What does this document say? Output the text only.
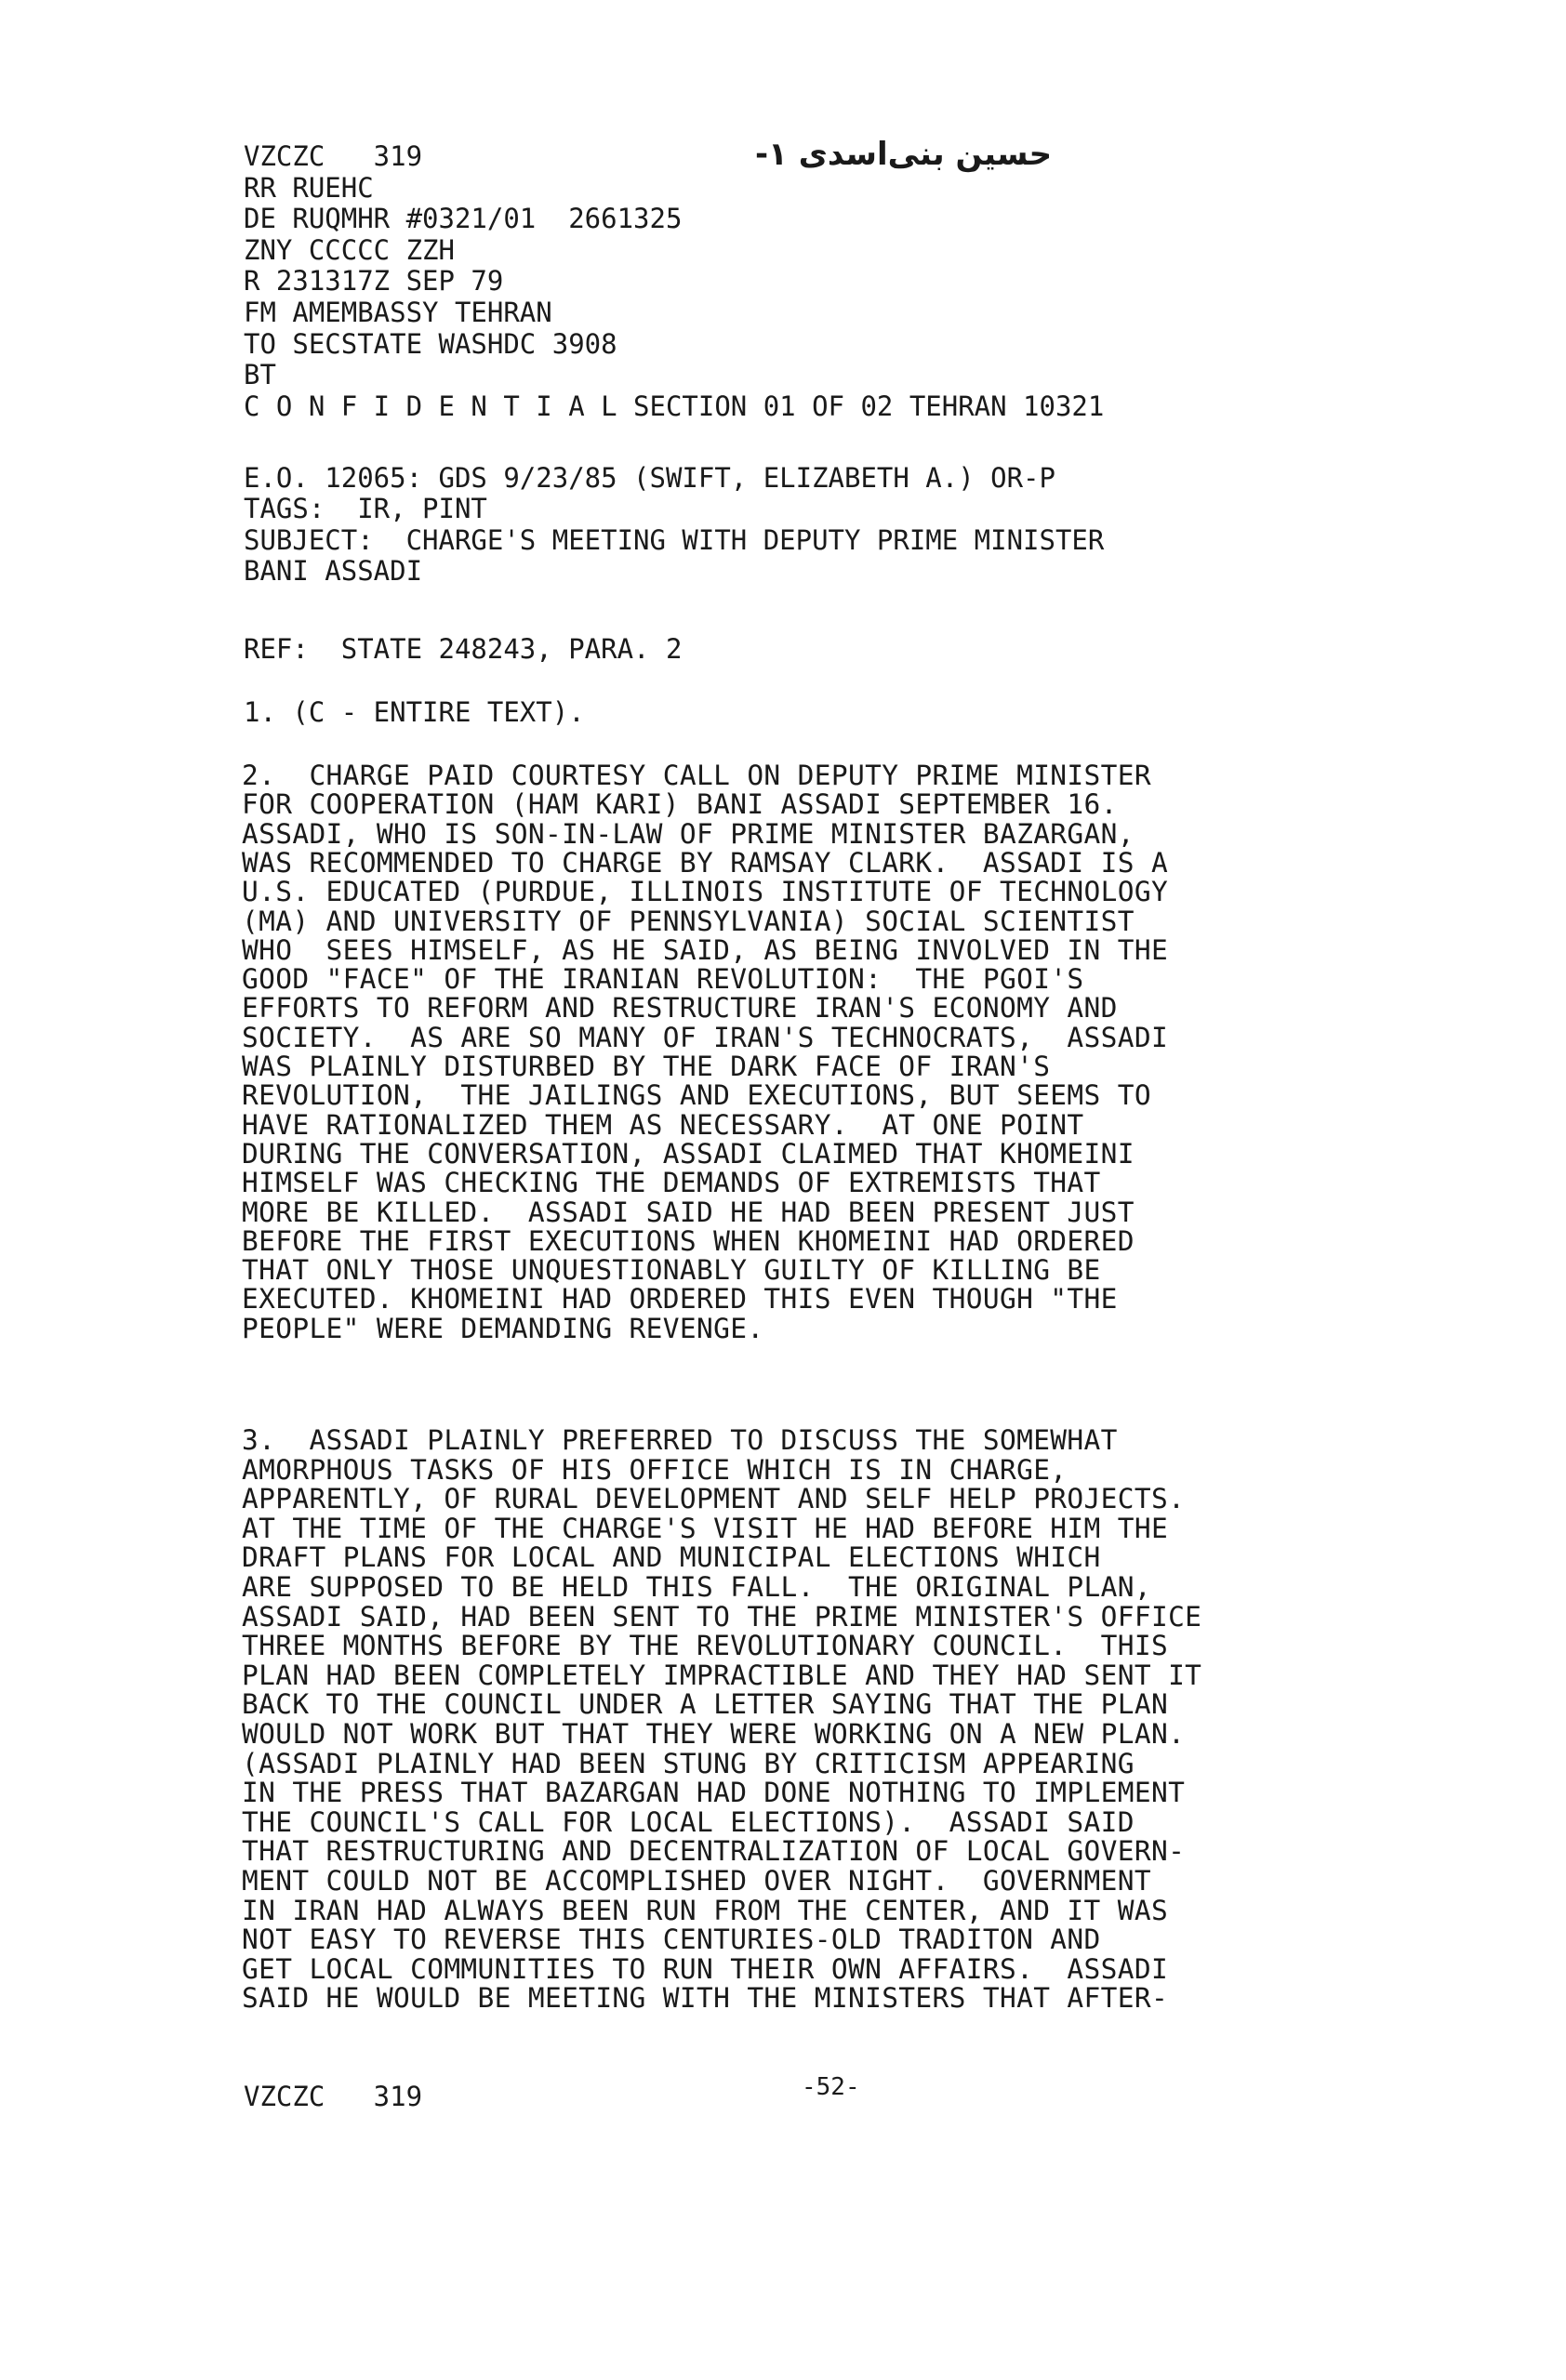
حسین بنی‌اسدی ۱-
VZCZC   319
RR RUEHC
DE RUQMHR #0321/01  2661325
ZNY CCCCC ZZH
R 231317Z SEP 79
FM AMEMBASSY TEHRAN
TO SECSTATE WASHDC 3908
BT
C O N F I D E N T I A L SECTION 01 OF 02 TEHRAN 10321
E.O. 12065: GDS 9/23/85 (SWIFT, ELIZABETH A.) OR-P
TAGS:  IR, PINT
SUBJECT:  CHARGE'S MEETING WITH DEPUTY PRIME MINISTER
BANI ASSADI
REF:  STATE 248243, PARA. 2
1. (C - ENTIRE TEXT).
2.  CHARGE PAID COURTESY CALL ON DEPUTY PRIME MINISTER
FOR COOPERATION (HAM KARI) BANI ASSADI SEPTEMBER 16.
ASSADI, WHO IS SON-IN-LAW OF PRIME MINISTER BAZARGAN,
WAS RECOMMENDED TO CHARGE BY RAMSAY CLARK.  ASSADI IS A
U.S. EDUCATED (PURDUE, ILLINOIS INSTITUTE OF TECHNOLOGY
(MA) AND UNIVERSITY OF PENNSYLVANIA) SOCIAL SCIENTIST
WHO  SEES HIMSELF, AS HE SAID, AS BEING INVOLVED IN THE
GOOD "FACE" OF THE IRANIAN REVOLUTION:  THE PGOI'S
EFFORTS TO REFORM AND RESTRUCTURE IRAN'S ECONOMY AND
SOCIETY.  AS ARE SO MANY OF IRAN'S TECHNOCRATS,  ASSADI
WAS PLAINLY DISTURBED BY THE DARK FACE OF IRAN'S
REVOLUTION,  THE JAILINGS AND EXECUTIONS, BUT SEEMS TO
HAVE RATIONALIZED THEM AS NECESSARY.  AT ONE POINT
DURING THE CONVERSATION, ASSADI CLAIMED THAT KHOMEINI
HIMSELF WAS CHECKING THE DEMANDS OF EXTREMISTS THAT
MORE BE KILLED.  ASSADI SAID HE HAD BEEN PRESENT JUST
BEFORE THE FIRST EXECUTIONS WHEN KHOMEINI HAD ORDERED
THAT ONLY THOSE UNQUESTIONABLY GUILTY OF KILLING BE
EXECUTED. KHOMEINI HAD ORDERED THIS EVEN THOUGH "THE
PEOPLE" WERE DEMANDING REVENGE.
3.  ASSADI PLAINLY PREFERRED TO DISCUSS THE SOMEWHAT
AMORPHOUS TASKS OF HIS OFFICE WHICH IS IN CHARGE,
APPARENTLY, OF RURAL DEVELOPMENT AND SELF HELP PROJECTS.
AT THE TIME OF THE CHARGE'S VISIT HE HAD BEFORE HIM THE
DRAFT PLANS FOR LOCAL AND MUNICIPAL ELECTIONS WHICH
ARE SUPPOSED TO BE HELD THIS FALL.  THE ORIGINAL PLAN,
ASSADI SAID, HAD BEEN SENT TO THE PRIME MINISTER'S OFFICE
THREE MONTHS BEFORE BY THE REVOLUTIONARY COUNCIL.  THIS
PLAN HAD BEEN COMPLETELY IMPRACTIBLE AND THEY HAD SENT IT
BACK TO THE COUNCIL UNDER A LETTER SAYING THAT THE PLAN
WOULD NOT WORK BUT THAT THEY WERE WORKING ON A NEW PLAN.
(ASSADI PLAINLY HAD BEEN STUNG BY CRITICISM APPEARING
IN THE PRESS THAT BAZARGAN HAD DONE NOTHING TO IMPLEMENT
THE COUNCIL'S CALL FOR LOCAL ELECTIONS).  ASSADI SAID
THAT RESTRUCTURING AND DECENTRALIZATION OF LOCAL GOVERN-
MENT COULD NOT BE ACCOMPLISHED OVER NIGHT.  GOVERNMENT
IN IRAN HAD ALWAYS BEEN RUN FROM THE CENTER, AND IT WAS
NOT EASY TO REVERSE THIS CENTURIES-OLD TRADITON AND
GET LOCAL COMMUNITIES TO RUN THEIR OWN AFFAIRS.  ASSADI
SAID HE WOULD BE MEETING WITH THE MINISTERS THAT AFTER-
VZCZC   319	-52-
